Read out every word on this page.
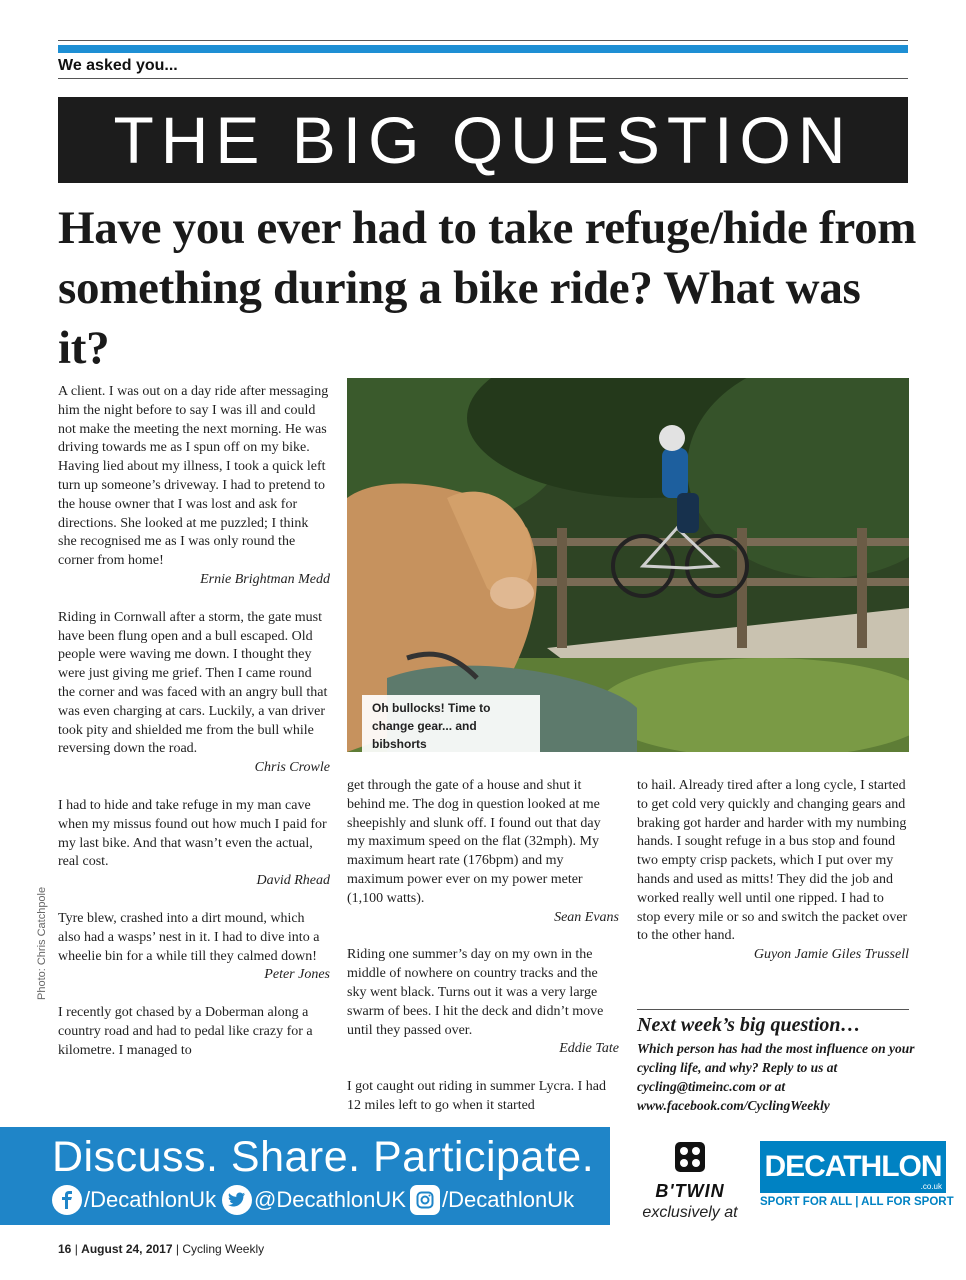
We asked you...
THE BIG QUESTION
Have you ever had to take refuge/hide from something during a bike ride? What was it?
Oh bullocks! Time to change gear... and bibshorts
Photo: Chris Catchpole

A client. I was out on a day ride after messaging him the night before to say I was ill and could not make the meeting the next morning. He was driving towards me as I spun off on my bike. Having lied about my illness, I took a quick left turn up someone’s driveway. I had to pretend to the house owner that I was lost and ask for directions. She looked at me puzzled; I think she recognised me as I was only round the corner from home!

Ernie Brightman Medd

Riding in Cornwall after a storm, the gate must have been flung open and a bull escaped. Old people were waving me down. I thought they were just giving me grief. Then I came round the corner and was faced with an angry bull that was even charging at cars. Luckily, a van driver took pity and shielded me from the bull while reversing down the road.

Chris Crowle

I had to hide and take refuge in my man cave when my missus found out how much I paid for my last bike. And that wasn’t even the actual, real cost.

David Rhead

Tyre blew, crashed into a dirt mound, which also had a wasps’ nest in it. I had to dive into a wheelie bin for a while till they calmed down!

Peter Jones

I recently got chased by a Doberman along a country road and had to pedal like crazy for a kilometre. I managed to

get through the gate of a house and shut it behind me. The dog in question looked at me sheepishly and slunk off. I found out that day my maximum speed on the flat (32mph). My maximum heart rate (176bpm) and my maximum power ever on my power meter (1,100 watts).

Sean Evans

Riding one summer’s day on my own in the middle of nowhere on country tracks and the sky went black. Turns out it was a very large swarm of bees. I hit the deck and didn’t move until they passed over.

Eddie Tate

I got caught out riding in summer Lycra. I had 12 miles left to go when it started

to hail. Already tired after a long cycle, I started to get cold very quickly and changing gears and braking got harder and harder with my numbing hands. I sought refuge in a bus stop and found two empty crisp packets, which I put over my hands and used as mitts! They did the job and worked really well until one ripped. I had to stop every mile or so and switch the packet over to the other hand.

Guyon Jamie Giles Trussell

Next week’s big question…

Which person has had the most influence on your cycling life, and why? Reply to us at cycling@timeinc.com or at www.facebook.com/CyclingWeekly

Discuss. Share. Participate.
/DecathlonUk @DecathlonUK /DecathlonUk	B'TWIN
exclusively at
DECATHLON
.co.uk
SPORT FOR ALL | ALL FOR SPORT
16 | August 24, 2017 | Cycling Weekly
